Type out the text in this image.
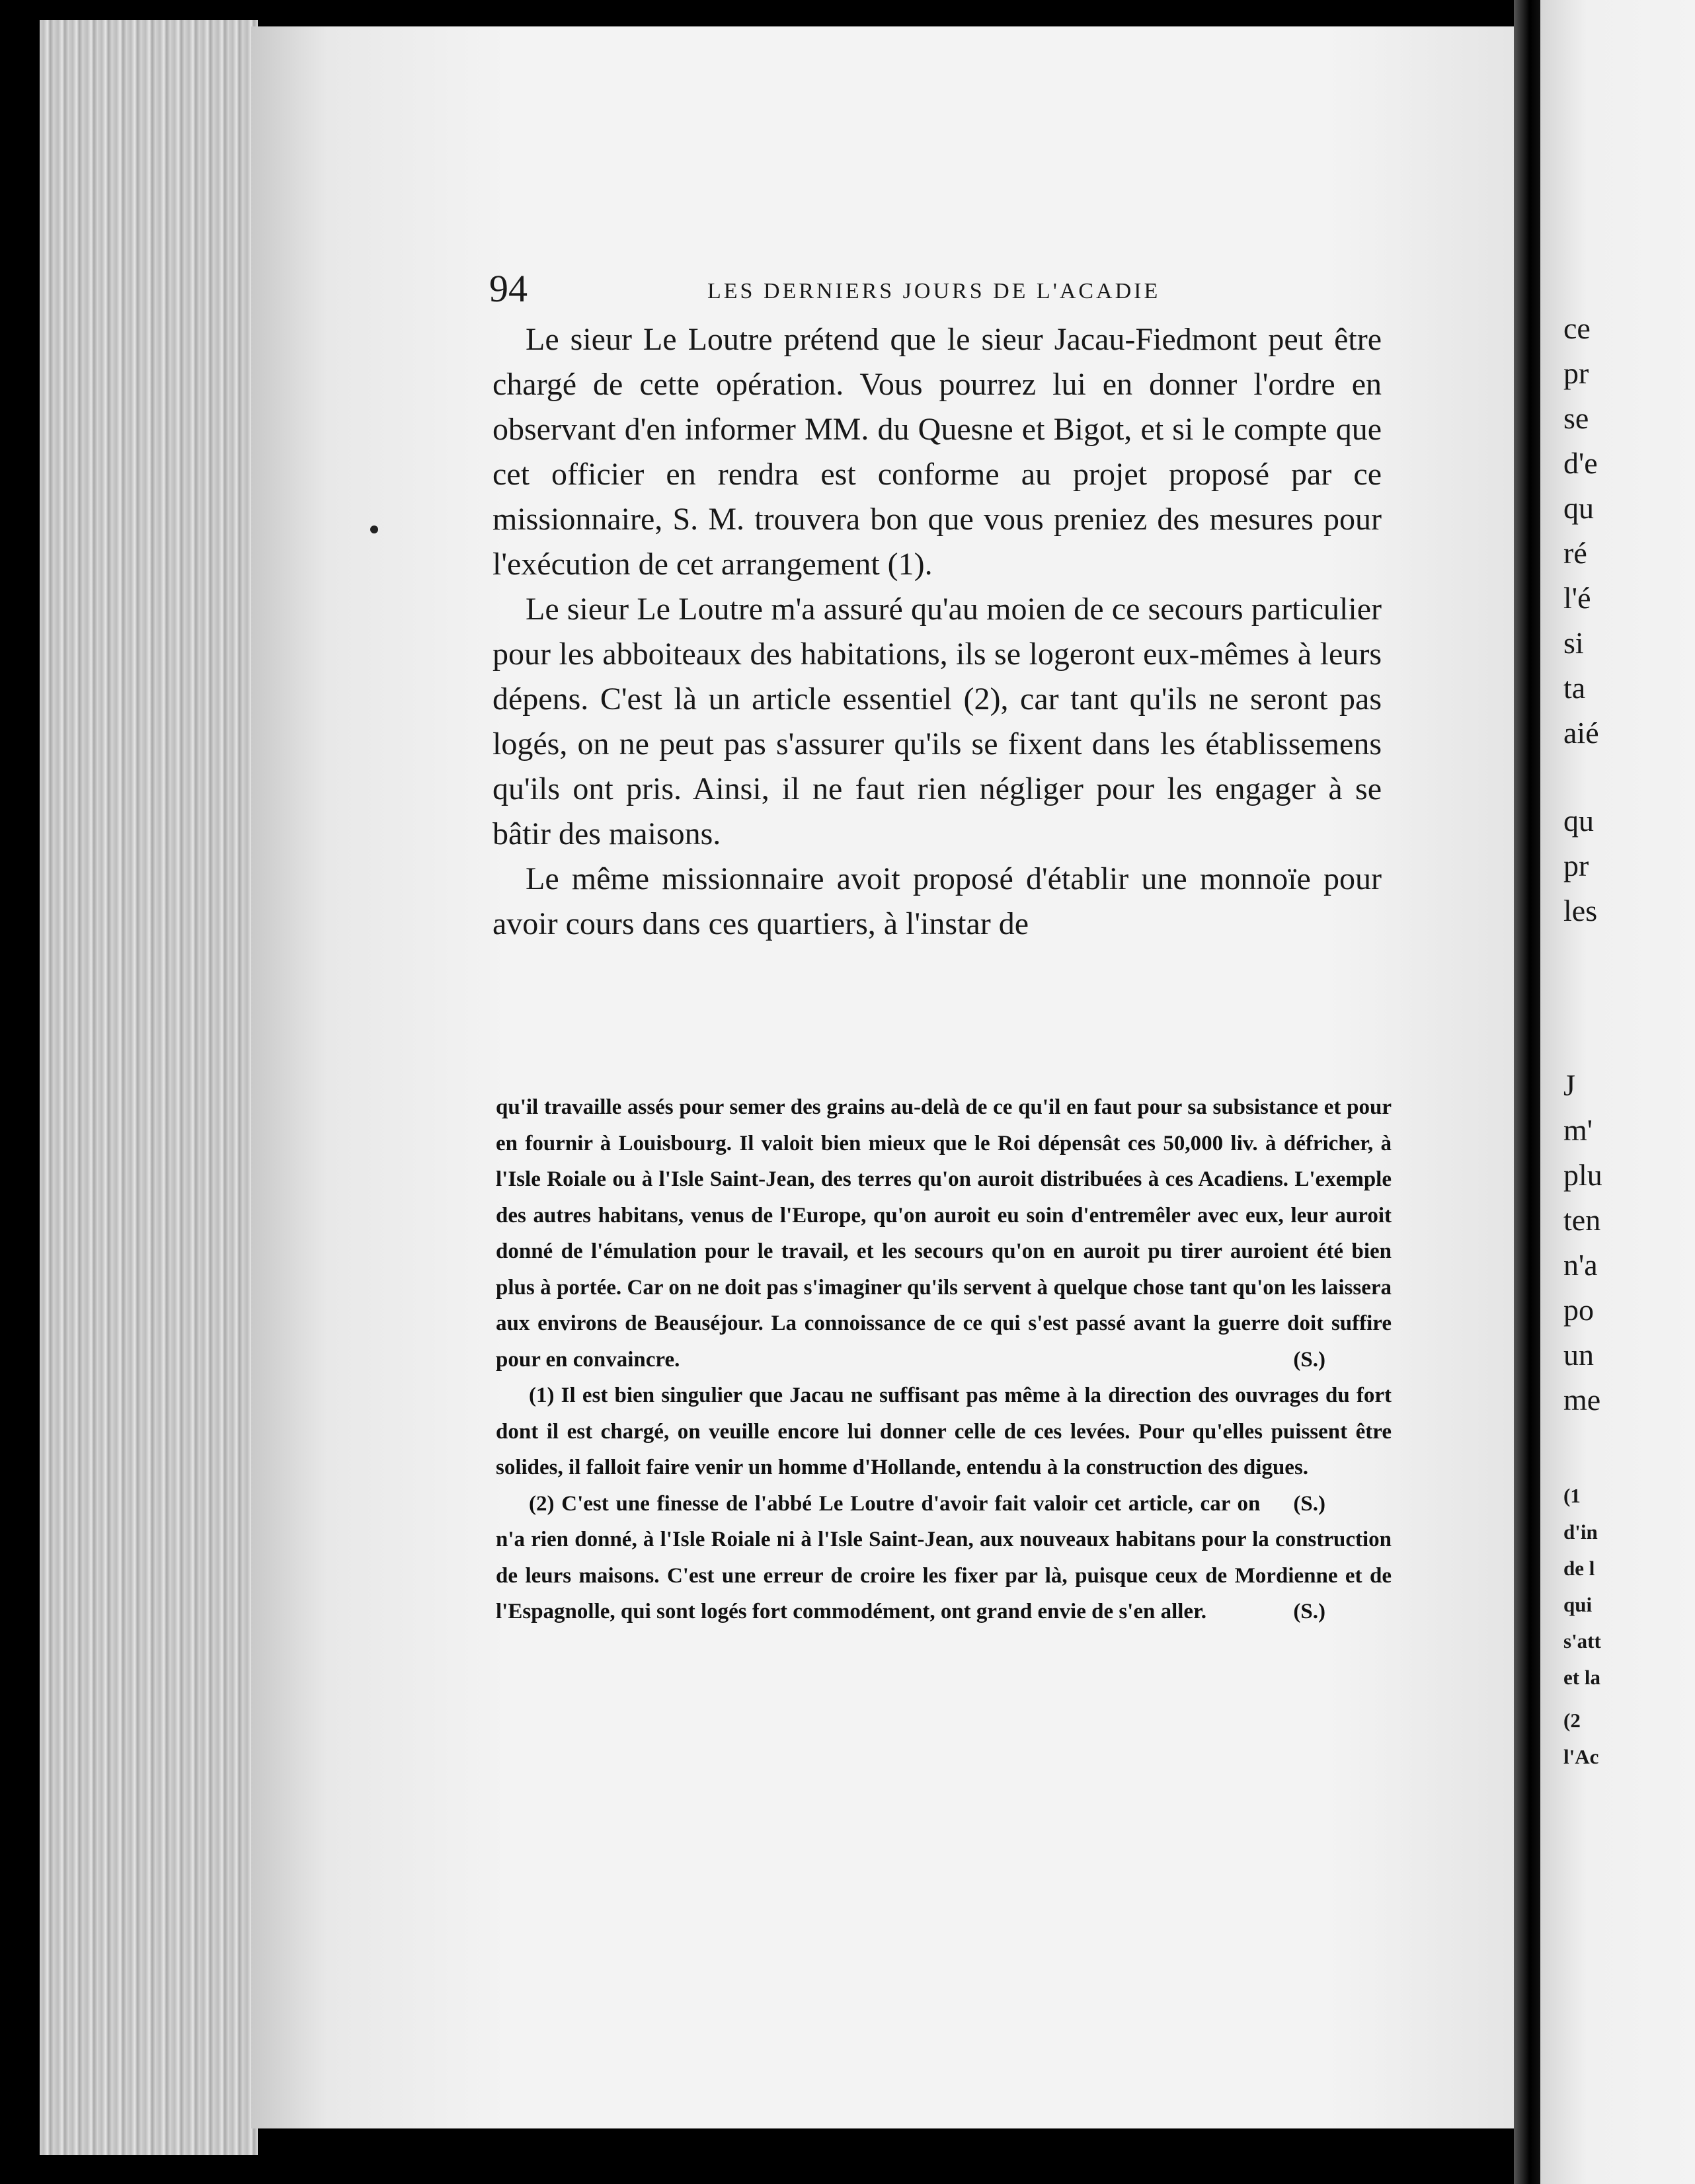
94	LES DERNIERS JOURS DE L'ACADIE

Le sieur Le Loutre prétend que le sieur Jacau-Fiedmont peut être chargé de cette opération. Vous pourrez lui en donner l'ordre en observant d'en informer MM. du Quesne et Bigot, et si le compte que cet officier en rendra est conforme au projet proposé par ce missionnaire, S. M. trouvera bon que vous preniez des mesures pour l'exécution de cet arrangement (1).

Le sieur Le Loutre m'a assuré qu'au moien de ce secours particulier pour les abboiteaux des habitations, ils se logeront eux-mêmes à leurs dépens. C'est là un article essentiel (2), car tant qu'ils ne seront pas logés, on ne peut pas s'assurer qu'ils se fixent dans les établissemens qu'ils ont pris. Ainsi, il ne faut rien négliger pour les engager à se bâtir des maisons.

Le même missionnaire avoit proposé d'établir une monnoïe pour avoir cours dans ces quartiers, à l'instar de

qu'il travaille assés pour semer des grains au-delà de ce qu'il en faut pour sa subsistance et pour en fournir à Louisbourg. Il valoit bien mieux que le Roi dépensât ces 50,000 liv. à défricher, à l'Isle Roiale ou à l'Isle Saint-Jean, des terres qu'on auroit distribuées à ces Acadiens. L'exemple des autres habitans, venus de l'Europe, qu'on auroit eu soin d'entremêler avec eux, leur auroit donné de l'émulation pour le travail, et les secours qu'on en auroit pu tirer auroient été bien plus à portée. Car on ne doit pas s'imaginer qu'ils servent à quelque chose tant qu'on les laissera aux environs de Beauséjour. La connoissance de ce qui s'est passé avant la guerre doit suffire pour en convaincre.	(S.)

(1) Il est bien singulier que Jacau ne suffisant pas même à la direction des ouvrages du fort dont il est chargé, on veuille encore lui donner celle de ces levées. Pour qu'elles puissent être solides, il falloit faire venir un homme d'Hollande, entendu à la construction des digues.
(S.)

(2) C'est une finesse de l'abbé Le Loutre d'avoir fait valoir cet article, car on n'a rien donné, à l'Isle Roiale ni à l'Isle Saint-Jean, aux nouveaux habitans pour la construction de leurs maisons. C'est une erreur de croire les fixer par là, puisque ceux de Mordienne et de l'Espagnolle, qui sont logés fort commodément, ont grand envie de s'en aller.	(S.)

ce
pr
se
d'e
qu
ré
l'é
si
ta
aié
qu
pr
les
J
m'
plu
ten
n'a
po
un
me
(1
d'in
de l
qui
s'att
et la
(2
l'Ac
